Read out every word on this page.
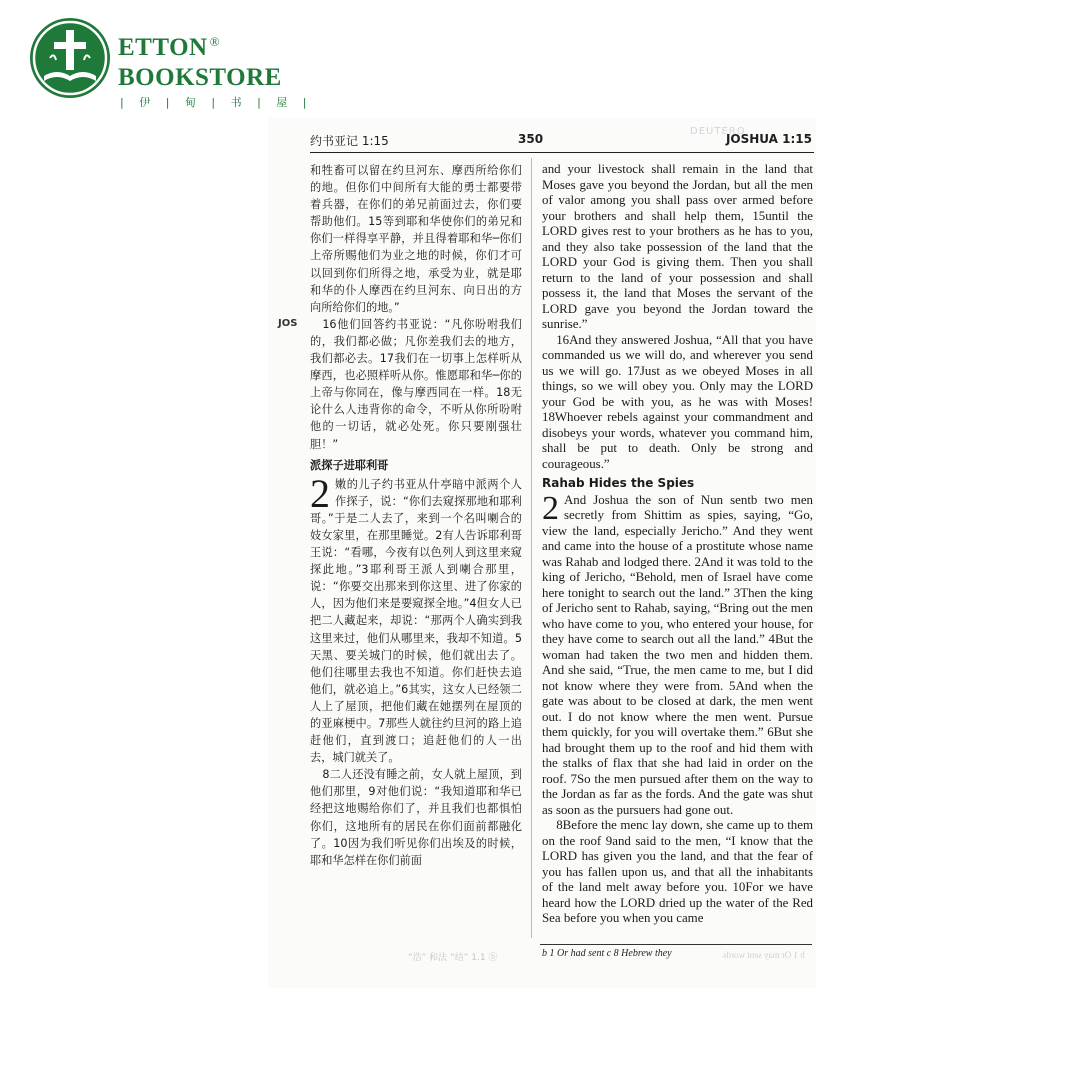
ETTON ®
BOOKSTORE
| 伊 | 甸 | 书 | 屋 |
约书亚记 1:15	350
DEUTERO
JOSHUA 1:15

和牲畜可以留在约旦河东、摩西所给你们的地。但你们中间所有大能的勇士都要带着兵器，在你们的弟兄前面过去，你们要帮助他们。15等到耶和华使你们的弟兄和你们一样得享平静，并且得着耶和华─你们上帝所赐他们为业之地的时候，你们才可以回到你们所得之地，承受为业，就是耶和华的仆人摩西在约旦河东、向日出的方向所给你们的地。”

16他们回答约书亚说：“凡你吩咐我们的，我们都必做；凡你差我们去的地方，我们都必去。17我们在一切事上怎样听从摩西，也必照样听从你。惟愿耶和华─你的上帝与你同在，像与摩西同在一样。18无论什么人违背你的命令，不听从你所吩咐他的一切话，就必处死。你只要刚强壮胆！”

派探子进耶利哥

2 嫩的儿子约书亚从什亭暗中派两个人作探子，说：“你们去窥探那地和耶利哥。”于是二人去了，来到一个名叫喇合的妓女家里，在那里睡觉。2有人告诉耶利哥王说：“看哪，今夜有以色列人到这里来窥探此地。”3耶利哥王派人到喇合那里，说：“你要交出那来到你这里、进了你家的人，因为他们来是要窥探全地。”4但女人已把二人藏起来，却说：“那两个人确实到我这里来过，他们从哪里来，我却不知道。5天黑、要关城门的时候，他们就出去了。他们往哪里去我也不知道。你们赶快去追他们，就必追上。”6其实，这女人已经领二人上了屋顶，把他们藏在她摆列在屋顶的的亚麻梗中。7那些人就往约旦河的路上追赶他们，直到渡口；追赶他们的人一出去，城门就关了。

8二人还没有睡之前，女人就上屋顶，到他们那里，9对他们说：“我知道耶和华已经把这地赐给你们了，并且我们也都惧怕你们，这地所有的居民在你们面前都融化了。10因为我们听见你们出埃及的时候，耶和华怎样在你们前面

JOS

and your livestock shall remain in the land that Moses gave you beyond the Jordan, but all the men of valor among you shall pass over armed before your brothers and shall help them, 15until the LORD gives rest to your brothers as he has to you, and they also take possession of the land that the LORD your God is giving them. Then you shall return to the land of your possession and shall possess it, the land that Moses the servant of the LORD gave you beyond the Jordan toward the sunrise.”

16And they answered Joshua, “All that you have commanded us we will do, and wherever you send us we will go. 17Just as we obeyed Moses in all things, so we will obey you. Only may the LORD your God be with you, as he was with Moses! 18Whoever rebels against your commandment and disobeys your words, whatever you command him, shall be put to death. Only be strong and courageous.”

Rahab Hides the Spies

2 And Joshua the son of Nun sentb two men secretly from Shittim as spies, saying, “Go, view the land, especially Jericho.” And they went and came into the house of a prostitute whose name was Rahab and lodged there. 2And it was told to the king of Jericho, “Behold, men of Israel have come here tonight to search out the land.” 3Then the king of Jericho sent to Rahab, saying, “Bring out the men who have come to you, who entered your house, for they have come to search out all the land.” 4But the woman had taken the two men and hidden them. And she said, “True, the men came to me, but I did not know where they were from. 5And when the gate was about to be closed at dark, the men went out. I do not know where the men went. Pursue them quickly, for you will overtake them.” 6But she had brought them up to the roof and hid them with the stalks of flax that she had laid in order on the roof. 7So the men pursued after them on the way to the Jordan as far as the fords. And the gate was shut as soon as the pursuers had gone out.

8Before the menc lay down, she came up to them on the roof 9and said to the men, “I know that the LORD has given you the land, and that the fear of you has fallen upon us, and that all the inhabitants of the land melt away before you. 10For we have heard how the LORD dried up the water of the Red Sea before you when you came

“浩” 和法 “结” 1.1 ⓑ	b 1 Or had sent c 8 Hebrew they	b 1 Or may sent words
